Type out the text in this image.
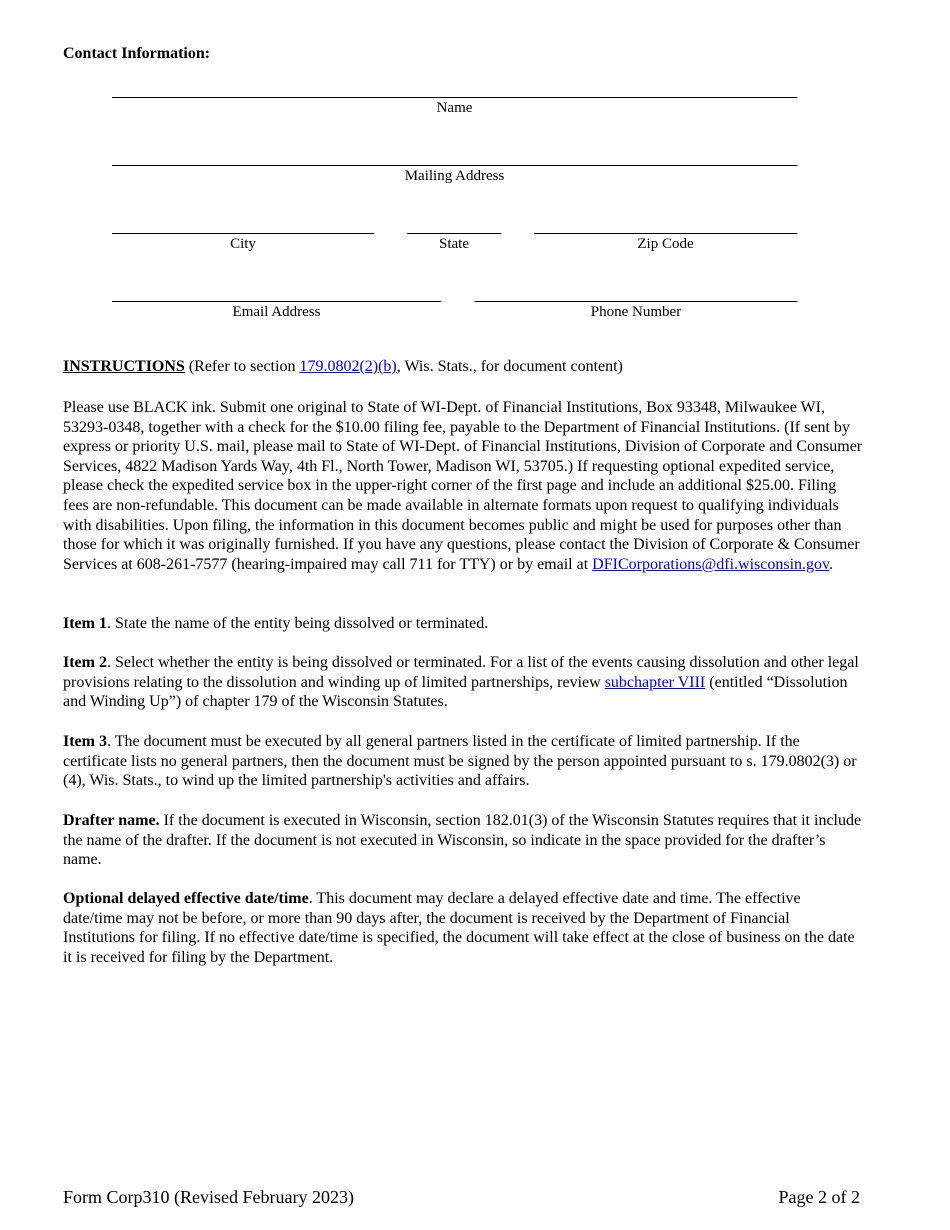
Contact Information:
Name
Mailing Address
City	State	Zip Code
Email Address	Phone Number
INSTRUCTIONS (Refer to section 179.0802(2)(b), Wis. Stats., for document content)
Please use BLACK ink. Submit one original to State of WI-Dept. of Financial Institutions, Box 93348, Milwaukee WI, 53293-0348, together with a check for the $10.00 filing fee, payable to the Department of Financial Institutions. (If sent by express or priority U.S. mail, please mail to State of WI-Dept. of Financial Institutions, Division of Corporate and Consumer Services, 4822 Madison Yards Way, 4th Fl., North Tower, Madison WI, 53705.) If requesting optional expedited service, please check the expedited service box in the upper-right corner of the first page and include an additional $25.00. Filing fees are non-refundable. This document can be made available in alternate formats upon request to qualifying individuals with disabilities. Upon filing, the information in this document becomes public and might be used for purposes other than those for which it was originally furnished. If you have any questions, please contact the Division of Corporate & Consumer Services at 608-261-7577 (hearing-impaired may call 711 for TTY) or by email at DFICorporations@dfi.wisconsin.gov.
Item 1. State the name of the entity being dissolved or terminated.
Item 2. Select whether the entity is being dissolved or terminated. For a list of the events causing dissolution and other legal provisions relating to the dissolution and winding up of limited partnerships, review subchapter VIII (entitled “Dissolution and Winding Up”) of chapter 179 of the Wisconsin Statutes.
Item 3. The document must be executed by all general partners listed in the certificate of limited partnership. If the certificate lists no general partners, then the document must be signed by the person appointed pursuant to s. 179.0802(3) or (4), Wis. Stats., to wind up the limited partnership's activities and affairs.
Drafter name. If the document is executed in Wisconsin, section 182.01(3) of the Wisconsin Statutes requires that it include the name of the drafter. If the document is not executed in Wisconsin, so indicate in the space provided for the drafter’s name.
Optional delayed effective date/time. This document may declare a delayed effective date and time. The effective date/time may not be before, or more than 90 days after, the document is received by the Department of Financial Institutions for filing. If no effective date/time is specified, the document will take effect at the close of business on the date it is received for filing by the Department.
Form Corp310 (Revised February 2023)	Page 2 of 2
